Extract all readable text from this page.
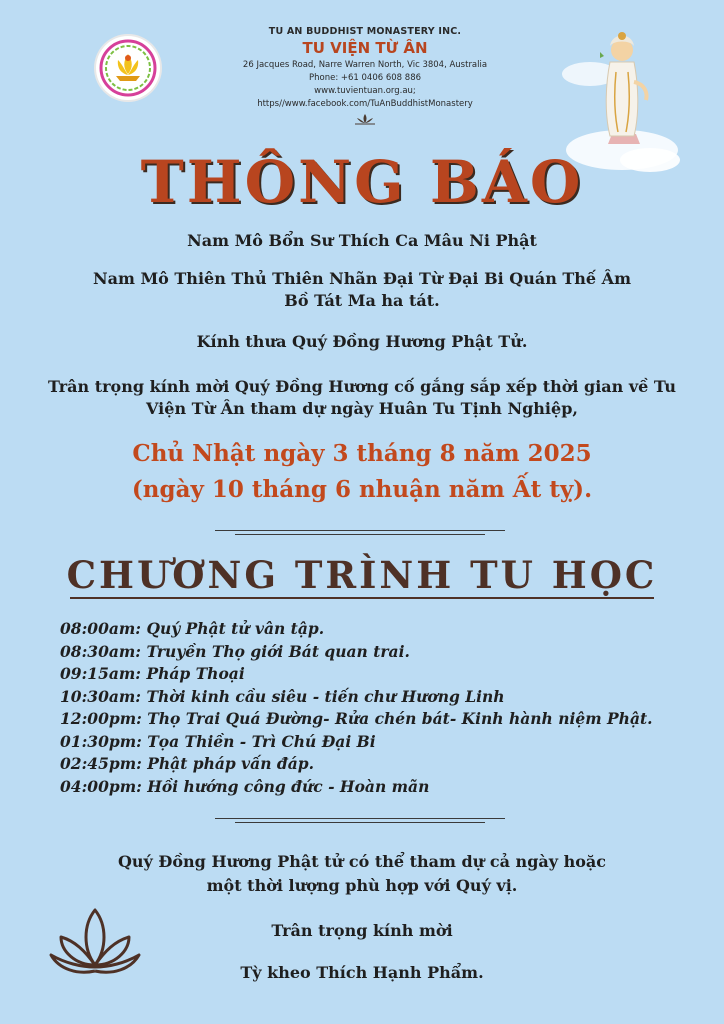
TU AN BUDDHIST MONASTERY INC.
TU VIỆN TỪ ÂN
26 Jacques Road, Narre Warren North, Vic 3804, Australia
Phone: +61 0406 608 886
www.tuvientuan.org.au;
https//www.facebook.com/TuAnBuddhistMonastery
THÔNG BÁO
Nam Mô Bổn Sư Thích Ca Mâu Ni Phật
Nam Mô Thiên Thủ Thiên Nhãn Đại Từ Đại Bi Quán Thế Âm
Bồ Tát Ma ha tát.
Kính thưa Quý Đồng Hương Phật Tử.
Trân trọng kính mời Quý Đồng Hương cố gắng sắp xếp thời gian về Tu
Viện Từ Ân tham dự ngày Huân Tu Tịnh Nghiệp,
Chủ Nhật ngày 3 tháng 8 năm 2025
(ngày 10 tháng 6 nhuận năm Ất tỵ).
CHƯƠNG TRÌNH TU HỌC
08:00am: Quý Phật tử vân tập.
08:30am: Truyền Thọ giới Bát quan trai.
09:15am: Pháp Thoại
10:30am: Thời kinh cầu siêu - tiến chư Hương Linh
12:00pm: Thọ Trai Quá Đường- Rửa chén bát- Kinh hành niệm Phật.
01:30pm: Tọa Thiền - Trì Chú Đại Bi
02:45pm: Phật pháp vấn đáp.
04:00pm: Hồi hướng công đức - Hoàn mãn
Quý Đồng Hương Phật tử có thể tham dự cả ngày hoặc
một thời lượng phù hợp với Quý vị.
Trân trọng kính mời
Tỳ kheo Thích Hạnh Phẩm.
